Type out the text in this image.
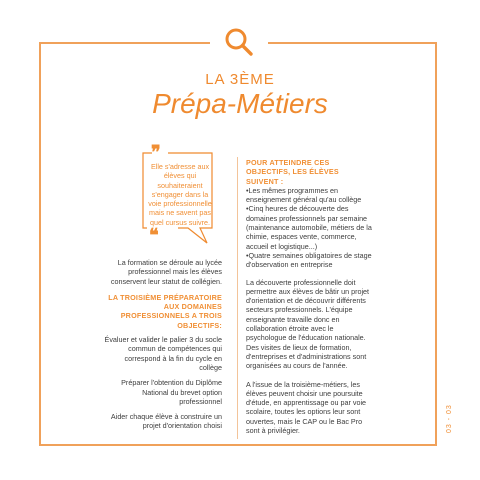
LA 3ÈME
Prépa-Métiers
❞
Elle s'adresse aux élèves qui souhaiteraient s'engager dans la voie professionnelle mais ne savent pas quel cursus suivre.
❝

La formation se déroule au lycée professionnel mais les élèves conservent leur statut de collégien.

LA TROISIÈME PRÉPARATOIRE AUX DOMAINES PROFESSIONNELS A TROIS OBJECTIFS:

Évaluer et valider le palier 3 du socle commun de compétences qui correspond à la fin du cycle en collège

Préparer l'obtention du Diplôme National du brevet option professionnel

Aider chaque élève à construire un projet d'orientation choisi

POUR ATTEINDRE CES OBJECTIFS, LES ÉLÈVES SUIVENT :

• Les mêmes programmes en enseignement général qu'au collège
• Cinq heures de découverte des domaines professionnels par semaine (maintenance automobile, métiers de la chimie, espaces vente, commerce, accueil et logistique...)
• Quatre semaines obligatoires de stage d'observation en entreprise

La découverte professionnelle doit permettre aux élèves de bâtir un projet d'orientation et de découvrir différents secteurs professionnels. L'équipe enseignante travaille donc en collaboration étroite avec le psychologue de l'éducation nationale. Des visites de lieux de formation, d'entreprises et d'administrations sont organisées au cours de l'année.

A l'issue de la troisième-métiers, les élèves peuvent choisir une poursuite d'étude, en apprentissage ou par voie scolaire, toutes les options leur sont ouvertes, mais le CAP ou le Bac Pro sont à privilégier.	03 - 03
